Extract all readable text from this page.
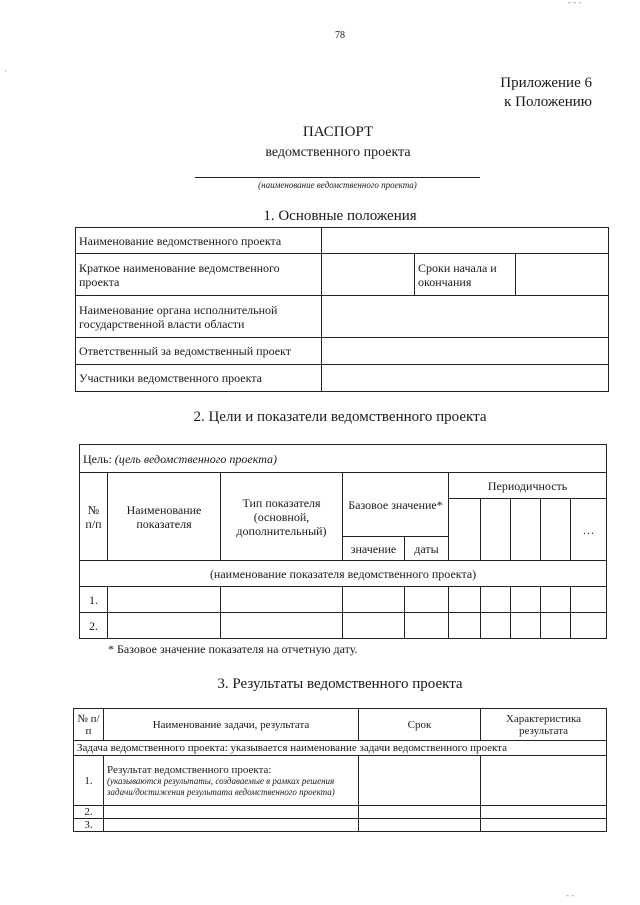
- - -
·
- -
78
Приложение 6
к Положению
ПАСПОРТ
ведомственного проекта
(наименование ведомственного проекта)
1. Основные положения
Наименование ведомственного проекта			
Краткое наименование ведомственного проекта		Сроки начала и окончания	
Наименование органа исполнительной государственной власти области			
Ответственный за ведомственный проект			
Участники ведомственного проекта			
2. Цели и показатели ведомственного проекта
Цель: (цель ведомственного проекта)									
№ п/п	Наименование показателя	Тип показателя (основной, дополнительный)	Базовое значение*		Периодичность				
									…
			значение	даты					
(наименование показателя ведомственного проекта)									
1.									
2.									
* Базовое значение показателя на отчетную дату.
3. Результаты ведомственного проекта
№ п/п	Наименование задачи, результата	Срок	Характеристика результата
Задача ведомственного проекта: указывается наименование задачи ведомственного проекта			
1.	Результат ведомственного проекта:
(указываются результаты, создаваемые в рамках решения задачи/достижения результата ведомственного проекта)		

2.			
3.			
